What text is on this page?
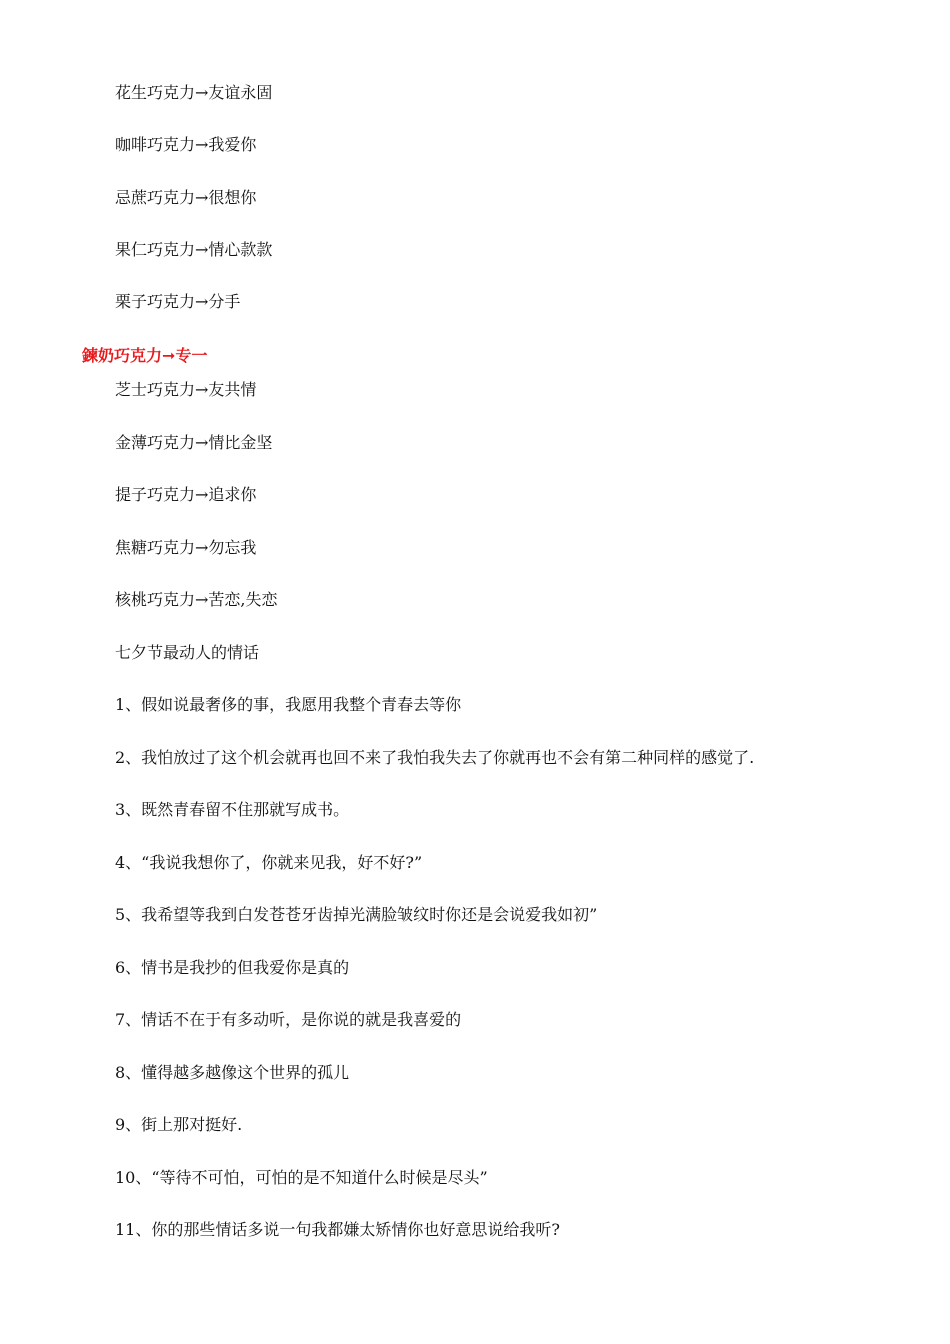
花生巧克力→友谊永固
咖啡巧克力→我爱你
忌蔗巧克力→很想你
果仁巧克力→情心款款
栗子巧克力→分手
鍊奶巧克力➞专一
芝士巧克力→友共情
金薄巧克力→情比金坚
提子巧克力→追求你
焦糖巧克力→勿忘我
核桃巧克力→苦恋,失恋
七夕节最动人的情话
1、假如说最奢侈的事，我愿用我整个青春去等你
2、我怕放过了这个机会就再也回不来了我怕我失去了你就再也不会有第二种同样的感觉了.
3、既然青春留不住那就写成书。
4、“我说我想你了，你就来见我，好不好?”
5、我希望等我到白发苍苍牙齿掉光满脸皱纹时你还是会说爱我如初”
6、情书是我抄的但我爱你是真的
7、情话不在于有多动听，是你说的就是我喜爱的
8、懂得越多越像这个世界的孤儿
9、街上那对挺好.
10、“等待不可怕，可怕的是不知道什么时候是尽头”
11、你的那些情话多说一句我都嫌太矫情你也好意思说给我听?
